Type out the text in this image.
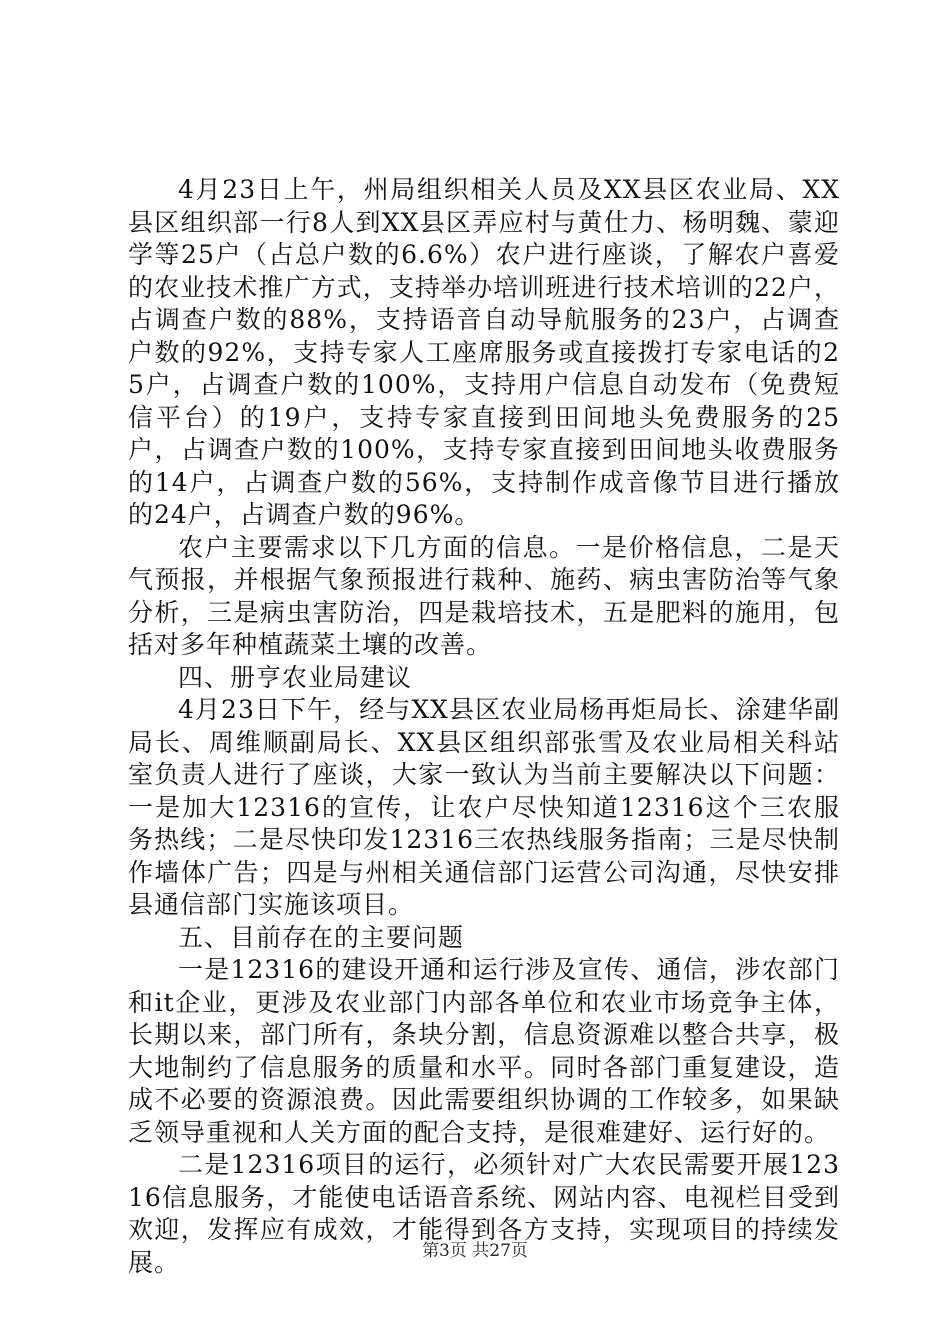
4月23日上午，州局组织相关人员及XX县区农业局、XX县区组织部一行8人到XX县区弄应村与黄仕力、杨明魏、蒙迎学等25户（占总户数的6.6%）农户进行座谈，了解农户喜爱的农业技术推广方式，支持举办培训班进行技术培训的22户，占调查户数的88%，支持语音自动导航服务的23户，占调查户数的92%，支持专家人工座席服务或直接拨打专家电话的25户，占调查户数的100%，支持用户信息自动发布（免费短信平台）的19户，支持专家直接到田间地头免费服务的25户，占调查户数的100%，支持专家直接到田间地头收费服务的14户，占调查户数的56%，支持制作成音像节目进行播放的24户，占调查户数的96%。

农户主要需求以下几方面的信息。一是价格信息，二是天气预报，并根据气象预报进行栽种、施药、病虫害防治等气象分析，三是病虫害防治，四是栽培技术，五是肥料的施用，包括对多年种植蔬菜土壤的改善。

四、册亨农业局建议

4月23日下午，经与XX县区农业局杨再炬局长、涂建华副局长、周维顺副局长、XX县区组织部张雪及农业局相关科站室负责人进行了座谈，大家一致认为当前主要解决以下问题：一是加大12316的宣传，让农户尽快知道12316这个三农服务热线；二是尽快印发12316三农热线服务指南；三是尽快制作墙体广告；四是与州相关通信部门运营公司沟通，尽快安排县通信部门实施该项目。

五、目前存在的主要问题

一是12316的建设开通和运行涉及宣传、通信，涉农部门和it企业，更涉及农业部门内部各单位和农业市场竞争主体，长期以来，部门所有，条块分割，信息资源难以整合共享，极大地制约了信息服务的质量和水平。同时各部门重复建设，造成不必要的资源浪费。因此需要组织协调的工作较多，如果缺乏领导重视和人关方面的配合支持，是很难建好、运行好的。

二是12316项目的运行，必须针对广大农民需要开展12316信息服务，才能使电话语音系统、网站内容、电视栏目受到欢迎，发挥应有成效，才能得到各方支持，实现项目的持续发展。	第3页 共27页
